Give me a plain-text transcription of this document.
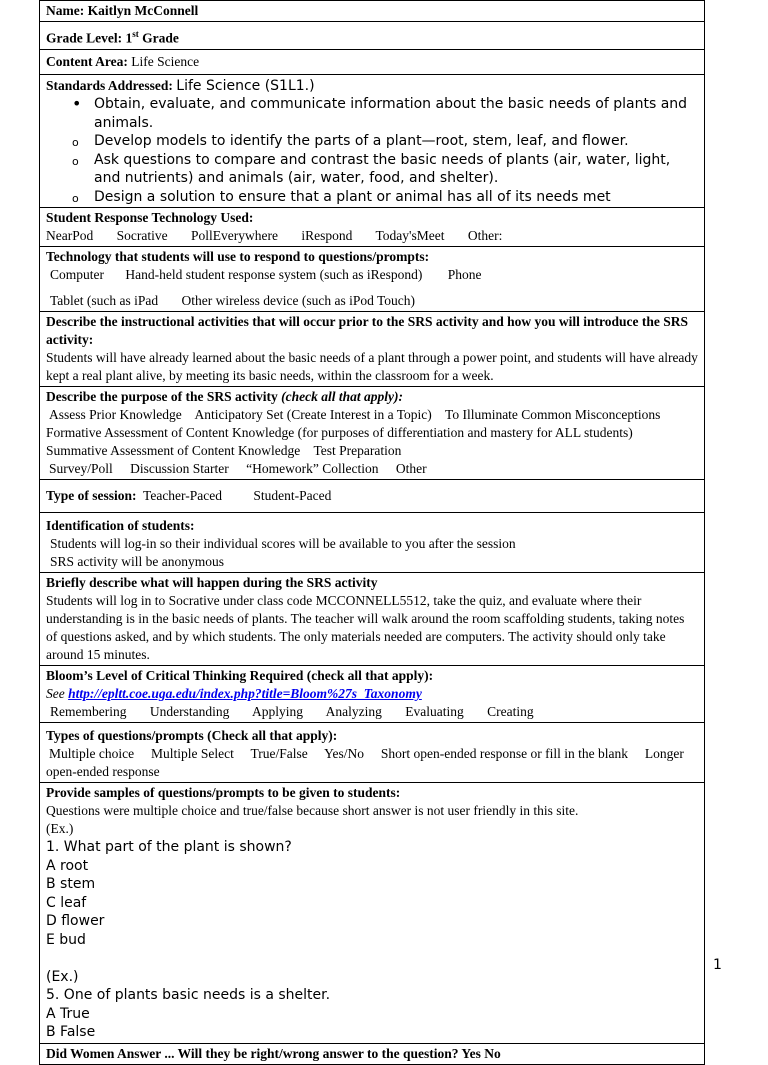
Name: Kaitlyn McConnell
Grade Level: 1st Grade
Content Area: Life Science
Standards Addressed: Life Science (S1L1.)
• Obtain, evaluate, and communicate information about the basic needs of plants and animals.
o Develop models to identify the parts of a plant—root, stem, leaf, and flower.
o Ask questions to compare and contrast the basic needs of plants (air, water, light, and nutrients) and animals (air, water, food, and shelter).
o Design a solution to ensure that a plant or animal has all of its needs met

Student Response Technology Used:
NearPod Socrative PollEverywhere iRespond Today'sMeet Other:
Technology that students will use to respond to questions/prompts:
Computer Hand-held student response system (such as iRespond) Phone
Tablet (such as iPad Other wireless device (such as iPod Touch)

Describe the instructional activities that will occur prior to the SRS activity and how you will introduce the SRS activity:
Students will have already learned about the basic needs of a plant through a power point, and students will have already kept a real plant alive, by meeting its basic needs, within the classroom for a week.
Describe the purpose of the SRS activity (check all that apply):
Assess Prior Knowledge Anticipatory Set (Create Interest in a Topic) To Illuminate Common Misconceptions    Formative Assessment of Content Knowledge (for purposes of differentiation and mastery for ALL students)    Summative Assessment of Content Knowledge Test Preparation
Survey/Poll Discussion Starter “Homework” Collection Other
Type of session: Teacher-Paced Student-Paced
Identification of students:
Students will log-in so their individual scores will be available to you after the session
SRS activity will be anonymous

Briefly describe what will happen during the SRS activity
Students will log in to Socrative under class code MCCONNELL5512, take the quiz, and evaluate where their understanding is in the basic needs of plants. The teacher will walk around the room scaffolding students, taking notes of questions asked, and by which students. The only materials needed are computers. The activity should only take around 15 minutes.
Bloom’s Level of Critical Thinking Required (check all that apply):
See http://epltt.coe.uga.edu/index.php?title=Bloom%27s_Taxonomy
Remembering Understanding Applying Analyzing Evaluating Creating

Types of questions/prompts (Check all that apply):
Multiple choice Multiple Select True/False Yes/No Short open-ended response or fill in the blank Longer open-ended response
Provide samples of questions/prompts to be given to students:
Questions were multiple choice and true/false because short answer is not user friendly in this site.
(Ex.)
1. What part of the plant is shown?
A root
B stem
C leaf
D flower
E bud

(Ex.)
5. One of plants basic needs is a shelter.
A True
B False

Did Women Answer ... Will they be right/wrong answer to the question? Yes No
1
